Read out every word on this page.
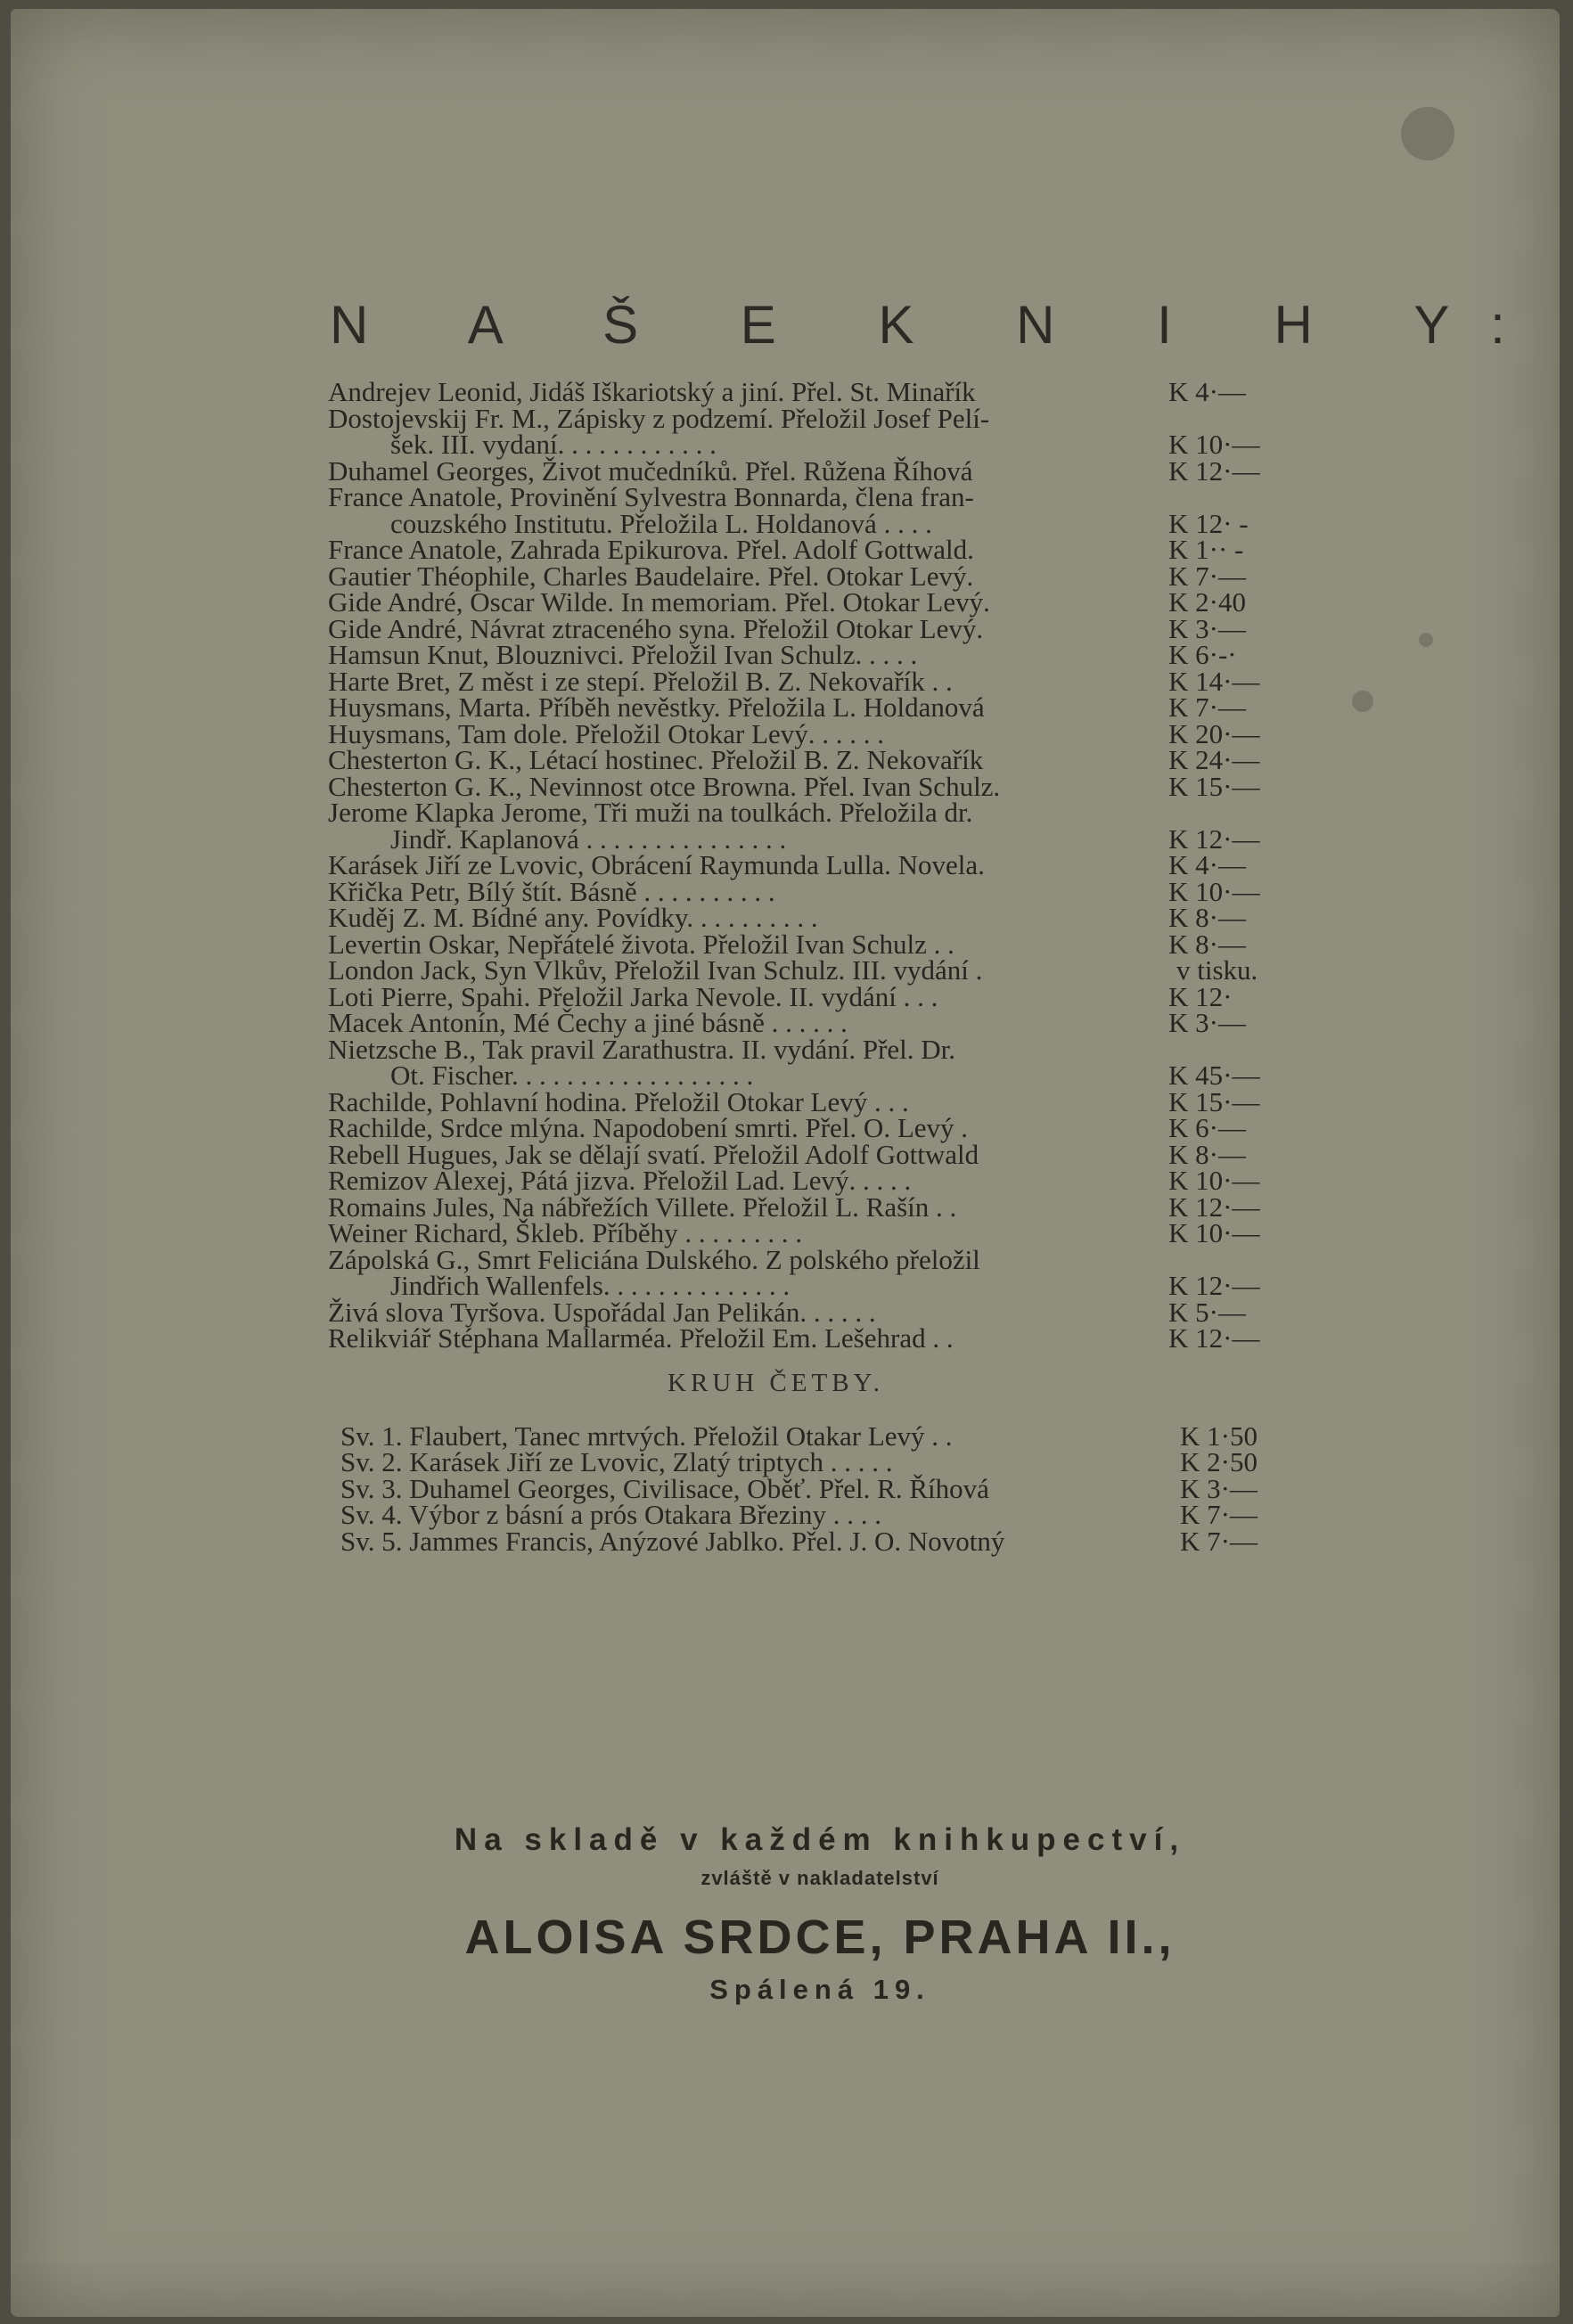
N A Š E K N I H Y:
Andrejev Leonid, Jidáš Iškariotský a jiní. Přel. St. Minařík	K 4·—
Dostojevskij Fr. M., Zápisky z podzemí. Přeložil Josef Pelí-
šek. III. vydaní. . . . . . . . . . . .	K 10·—
Duhamel Georges, Život mučedníků. Přel. Růžena Říhová	K 12·—
France Anatole, Provinění Sylvestra Bonnarda, člena fran-
couzského Institutu. Přeložila L. Holdanová . . . .	K 12· -
France Anatole, Zahrada Epikurova. Přel. Adolf Gottwald.	K 1·· -
Gautier Théophile, Charles Baudelaire. Přel. Otokar Levý.	K 7·—
Gide André, Oscar Wilde. In memoriam. Přel. Otokar Levý.	K 2·40
Gide André, Návrat ztraceného syna. Přeložil Otokar Levý.	K 3·—
Hamsun Knut, Blouznivci. Přeložil Ivan Schulz. . . . .	K 6·-·
Harte Bret, Z měst i ze stepí. Přeložil B. Z. Nekovařík . .	K 14·—
Huysmans, Marta. Příběh nevěstky. Přeložila L. Holdanová	K 7·—
Huysmans, Tam dole. Přeložil Otokar Levý. . . . . .	K 20·—
Chesterton G. K., Létací hostinec. Přeložil B. Z. Nekovařík	K 24·—
Chesterton G. K., Nevinnost otce Browna. Přel. Ivan Schulz.	K 15·—
Jerome Klapka Jerome, Tři muži na toulkách. Přeložila dr.
Jindř. Kaplanová . . . . . . . . . . . . . . .	K 12·—
Karásek Jiří ze Lvovic, Obrácení Raymunda Lulla. Novela.	K 4·—
Křička Petr, Bílý štít. Básně . . . . . . . . . .	K 10·—
Kuděj Z. M. Bídné any. Povídky. . . . . . . . . .	K 8·—
Levertin Oskar, Nepřátelé života. Přeložil Ivan Schulz . .	K 8·—
London Jack, Syn Vlkův, Přeložil Ivan Schulz. III. vydání .	v tisku.
Loti Pierre, Spahi. Přeložil Jarka Nevole. II. vydání . . .	K 12·
Macek Antonín, Mé Čechy a jiné básně . . . . . .	K 3·—
Nietzsche B., Tak pravil Zarathustra. II. vydání. Přel. Dr.
Ot. Fischer. . . . . . . . . . . . . . . . . .	K 45·—
Rachilde, Pohlavní hodina. Přeložil Otokar Levý . . .	K 15·—
Rachilde, Srdce mlýna. Napodobení smrti. Přel. O. Levý .	K 6·—
Rebell Hugues, Jak se dělají svatí. Přeložil Adolf Gottwald	K 8·—
Remizov Alexej, Pátá jizva. Přeložil Lad. Levý. . . . .	K 10·—
Romains Jules, Na nábřežích Villete. Přeložil L. Rašín . .	K 12·—
Weiner Richard, Škleb. Příběhy . . . . . . . . .	K 10·—
Zápolská G., Smrt Feliciána Dulského. Z polského přeložil
Jindřich Wallenfels. . . . . . . . . . . . . .	K 12·—
Živá slova Tyršova. Uspořádal Jan Pelikán. . . . . .	K 5·—
Relikviář Stéphana Mallarméa. Přeložil Em. Lešehrad . .	K 12·—
KRUH ČETBY.
Sv. 1. Flaubert, Tanec mrtvých. Přeložil Otakar Levý . .	K 1·50
Sv. 2. Karásek Jiří ze Lvovic, Zlatý triptych . . . . .	K 2·50
Sv. 3. Duhamel Georges, Civilisace, Oběť. Přel. R. Říhová	K 3·—
Sv. 4. Výbor z básní a prós Otakara Březiny . . . .	K 7·—
Sv. 5. Jammes Francis, Anýzové Jablko. Přel. J. O. Novotný	K 7·—
Na skladě v každém knihkupectví,
zvláště v nakladatelství
ALOISA SRDCE, PRAHA II.,
Spálená 19.
